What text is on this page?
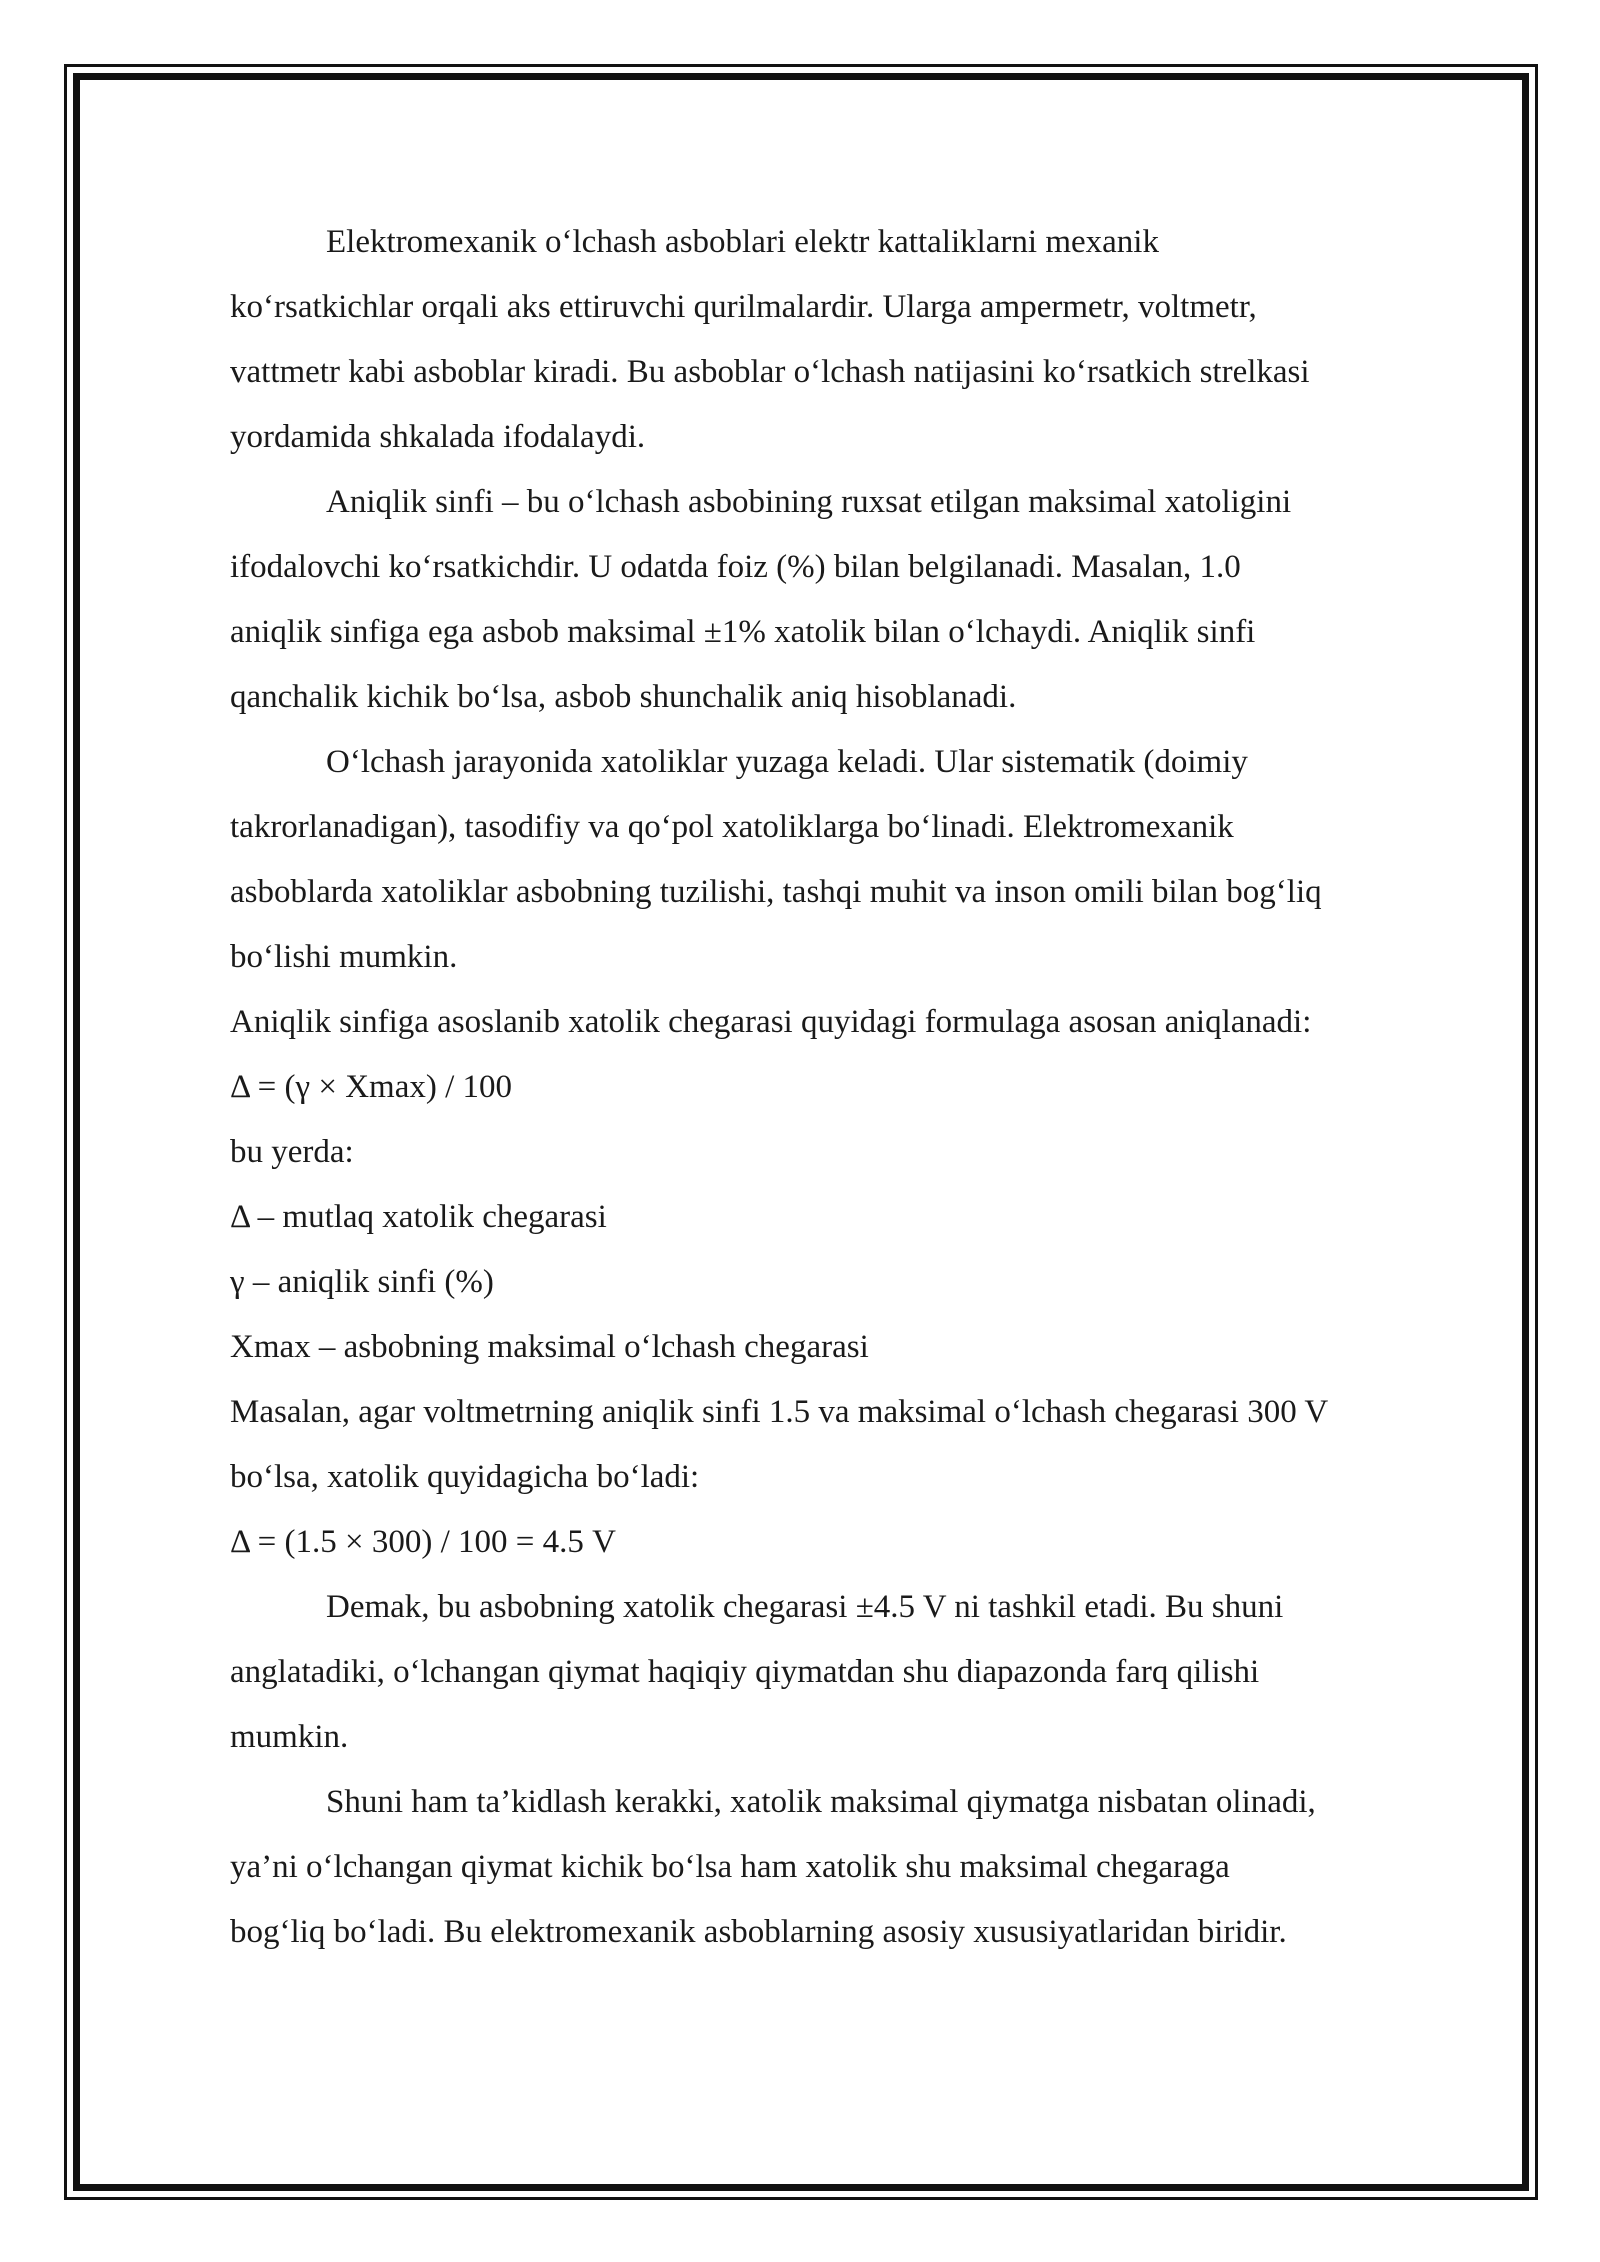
Elektromexanik o‘lchash asboblari elektr kattaliklarni mexanik
ko‘rsatkichlar orqali aks ettiruvchi qurilmalardir. Ularga ampermetr, voltmetr,
vattmetr kabi asboblar kiradi. Bu asboblar o‘lchash natijasini ko‘rsatkich strelkasi
yordamida shkalada ifodalaydi.

Aniqlik sinfi – bu o‘lchash asbobining ruxsat etilgan maksimal xatoligini
ifodalovchi ko‘rsatkichdir. U odatda foiz (%) bilan belgilanadi. Masalan, 1.0
aniqlik sinfiga ega asbob maksimal ±1% xatolik bilan o‘lchaydi. Aniqlik sinfi
qanchalik kichik bo‘lsa, asbob shunchalik aniq hisoblanadi.

O‘lchash jarayonida xatoliklar yuzaga keladi. Ular sistematik (doimiy
takrorlanadigan), tasodifiy va qo‘pol xatoliklarga bo‘linadi. Elektromexanik
asboblarda xatoliklar asbobning tuzilishi, tashqi muhit va inson omili bilan bog‘liq
bo‘lishi mumkin.

Aniqlik sinfiga asoslanib xatolik chegarasi quyidagi formulaga asosan aniqlanadi:

Δ = (γ × Xmax) / 100

bu yerda:

Δ – mutlaq xatolik chegarasi

γ – aniqlik sinfi (%)

Xmax – asbobning maksimal o‘lchash chegarasi

Masalan, agar voltmetrning aniqlik sinfi 1.5 va maksimal o‘lchash chegarasi 300 V
bo‘lsa, xatolik quyidagicha bo‘ladi:

Δ = (1.5 × 300) / 100 = 4.5 V

Demak, bu asbobning xatolik chegarasi ±4.5 V ni tashkil etadi. Bu shuni
anglatadiki, o‘lchangan qiymat haqiqiy qiymatdan shu diapazonda farq qilishi
mumkin.

Shuni ham ta’kidlash kerakki, xatolik maksimal qiymatga nisbatan olinadi,
ya’ni o‘lchangan qiymat kichik bo‘lsa ham xatolik shu maksimal chegaraga
bog‘liq bo‘ladi. Bu elektromexanik asboblarning asosiy xususiyatlaridan biridir.
